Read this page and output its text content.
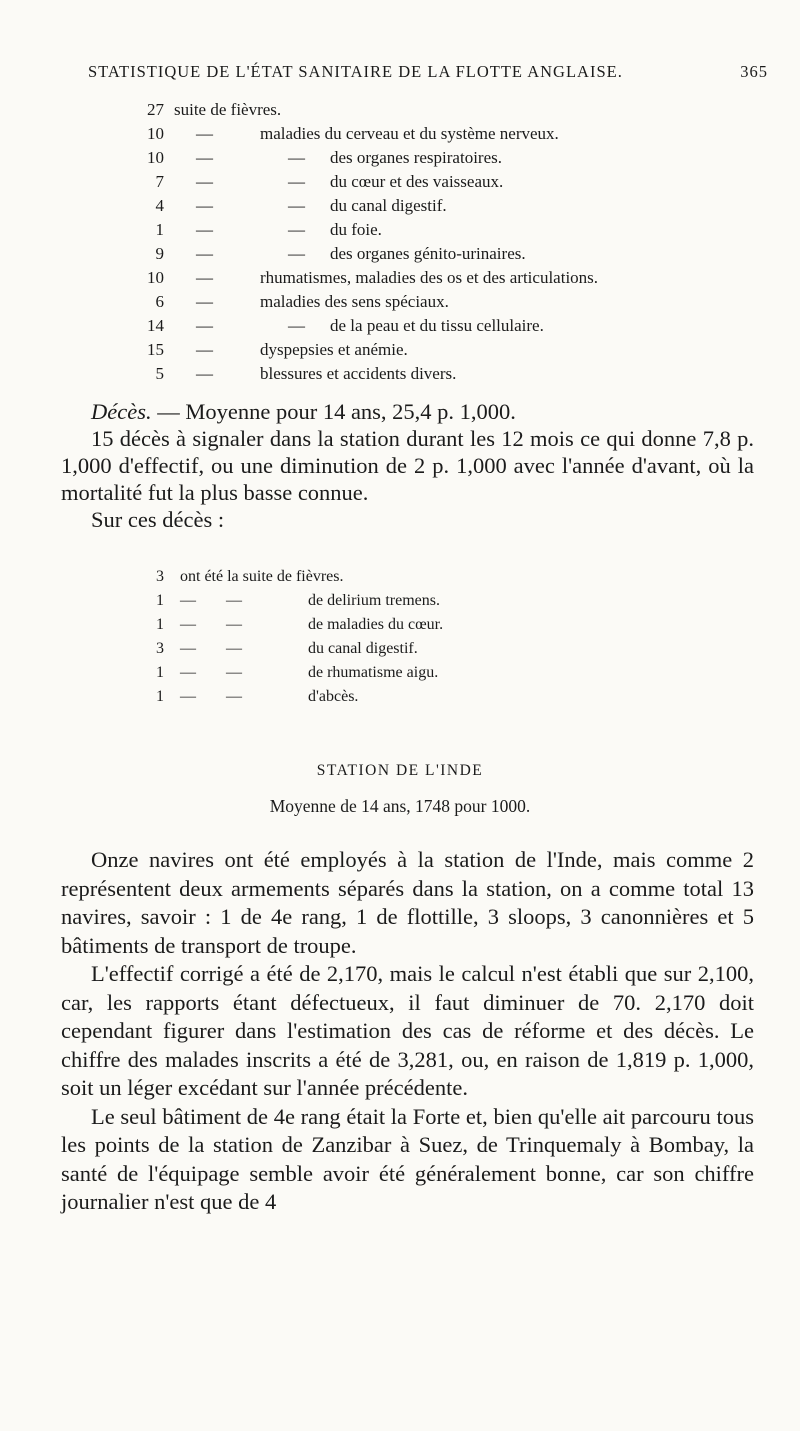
STATISTIQUE DE L'ÉTAT SANITAIRE DE LA FLOTTE ANGLAISE.	365
27 suite de fièvres.
10 —	maladies du cerveau et du système nerveux.
10 —	— des organes respiratoires.
7 —	— du cœur et des vaisseaux.
4 —	— du canal digestif.
1 —	— du foie.
9 —	— des organes génito-urinaires.
10 —	rhumatismes, maladies des os et des articulations.
6 —	maladies des sens spéciaux.
14 —	— de la peau et du tissu cellulaire.
15 —	dyspepsies et anémie.
5 —	blessures et accidents divers.

Décès. — Moyenne pour 14 ans, 25,4 p. 1,000.

15 décès à signaler dans la station durant les 12 mois ce qui donne 7,8 p. 1,000 d'effectif, ou une diminution de 2 p. 1,000 avec l'année d'avant, où la mortalité fut la plus basse connue.

Sur ces décès :

3 ont été la suite de fièvres.
1 — —	de delirium tremens.
1 — —	de maladies du cœur.
3 — —	du canal digestif.
1 — —	de rhumatisme aigu.
1 — —	d'abcès.
STATION DE L'INDE
Moyenne de 14 ans, 1748 pour 1000.

Onze navires ont été employés à la station de l'Inde, mais comme 2 représentent deux armements séparés dans la station, on a comme total 13 navires, savoir : 1 de 4e rang, 1 de flottille, 3 sloops, 3 canonnières et 5 bâtiments de transport de troupe.

L'effectif corrigé a été de 2,170, mais le calcul n'est établi que sur 2,100, car, les rapports étant défectueux, il faut diminuer de 70. 2,170 doit cependant figurer dans l'estimation des cas de réforme et des décès. Le chiffre des malades inscrits a été de 3,281, ou, en raison de 1,819 p. 1,000, soit un léger excédant sur l'année précédente.

Le seul bâtiment de 4e rang était la Forte et, bien qu'elle ait parcouru tous les points de la station de Zanzibar à Suez, de Trinquemaly à Bombay, la santé de l'équipage semble avoir été généralement bonne, car son chiffre journalier n'est que de 4
